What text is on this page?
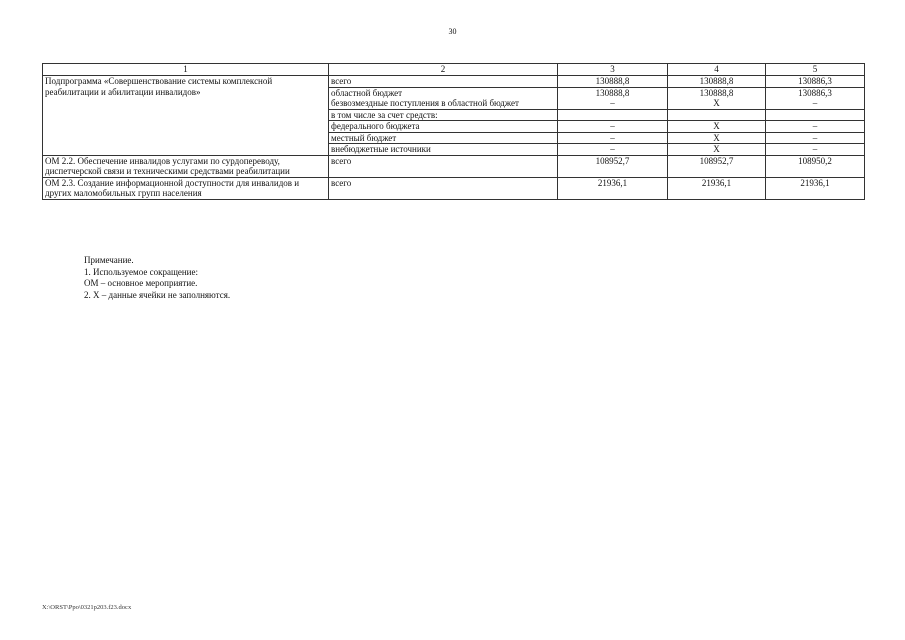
30
1	2	3	4	5
Подпрограмма «Совершенствование системы комплексной реабилитации и абилитации инвалидов»	всего	130888,8	130888,8	130886,3
	областной бюджет	130888,8	130888,8	130886,3
	безвозмездные поступления в областной бюджет	–	Х	–
	в том числе за счет средств:			
	федерального бюджета	–	Х	–
	местный бюджет	–	Х	–
	внебюджетные источники	–	Х	–
ОМ 2.2. Обеспечение инвалидов услугами по сурдопереводу, диспетчерской связи и техническими средствами реабилитации	всего	108952,7	108952,7	108950,2
ОМ 2.3. Создание информационной доступности для инвалидов и других маломобильных групп населения	всего	21936,1	21936,1	21936,1
Примечание.
1. Используемое сокращение:
ОМ – основное мероприятие.
2. Х – данные ячейки не заполняются.
Х:\ORST\Ppo\0321p203.f23.docx
